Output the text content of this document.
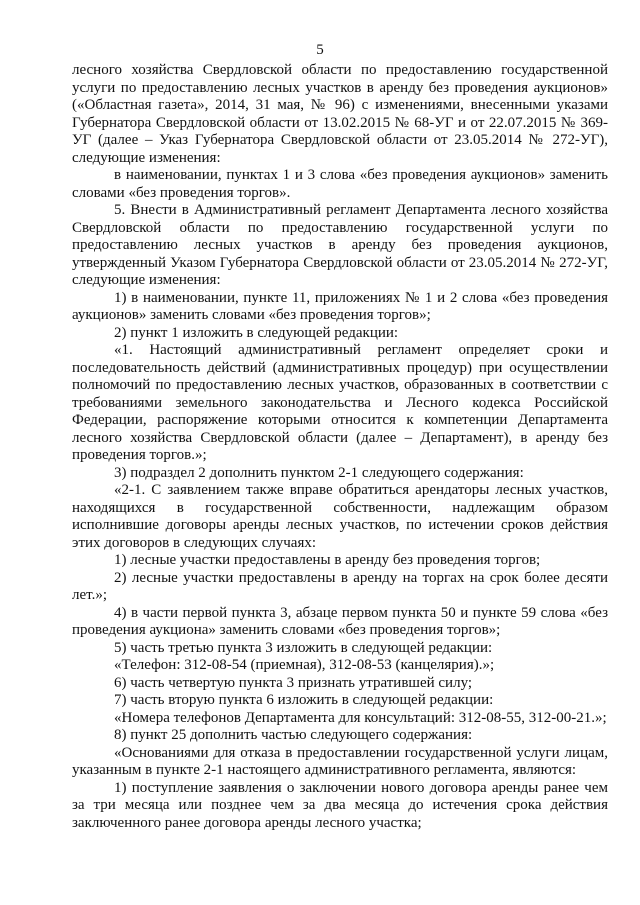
5

лесного хозяйства Свердловской области по предоставлению государственной услуги по предоставлению лесных участков в аренду без проведения аукционов» («Областная газета», 2014, 31 мая, № 96) с изменениями, внесенными указами Губернатора Свердловской области от 13.02.2015 № 68-УГ и от 22.07.2015 № 369-УГ (далее – Указ Губернатора Свердловской области от 23.05.2014 № 272-УГ), следующие изменения:

в наименовании, пунктах 1 и 3 слова «без проведения аукционов» заменить словами «без проведения торгов».

5. Внести в Административный регламент Департамента лесного хозяйства Свердловской области по предоставлению государственной услуги по предоставлению лесных участков в аренду без проведения аукционов, утвержденный Указом Губернатора Свердловской области от 23.05.2014 № 272-УГ, следующие изменения:

1) в наименовании, пункте 11, приложениях № 1 и 2 слова «без проведения аукционов» заменить словами «без проведения торгов»;

2) пункт 1 изложить в следующей редакции:

«1. Настоящий административный регламент определяет сроки и последовательность действий (административных процедур) при осуществлении полномочий по предоставлению лесных участков, образованных в соответствии с требованиями земельного законодательства и Лесного кодекса Российской Федерации, распоряжение которыми относится к компетенции Департамента лесного хозяйства Свердловской области (далее – Департамент), в аренду без проведения торгов.»;

3) подраздел 2 дополнить пунктом 2-1 следующего содержания:

«2-1. С заявлением также вправе обратиться арендаторы лесных участков, находящихся в государственной собственности, надлежащим образом исполнившие договоры аренды лесных участков, по истечении сроков действия этих договоров в следующих случаях:

1) лесные участки предоставлены в аренду без проведения торгов;

2) лесные участки предоставлены в аренду на торгах на срок более десяти лет.»;

4) в части первой пункта 3, абзаце первом пункта 50 и пункте 59 слова «без проведения аукциона» заменить словами «без проведения торгов»;

5) часть третью пункта 3 изложить в следующей редакции:

«Телефон: 312-08-54 (приемная), 312-08-53 (канцелярия).»;

6) часть четвертую пункта 3 признать утратившей силу;

7) часть вторую пункта 6 изложить в следующей редакции:

«Номера телефонов Департамента для консультаций: 312-08-55, 312-00-21.»;

8) пункт 25 дополнить частью следующего содержания:

«Основаниями для отказа в предоставлении государственной услуги лицам, указанным в пункте 2-1 настоящего административного регламента, являются:

1) поступление заявления о заключении нового договора аренды ранее чем за три месяца или позднее чем за два месяца до истечения срока действия заключенного ранее договора аренды лесного участка;
